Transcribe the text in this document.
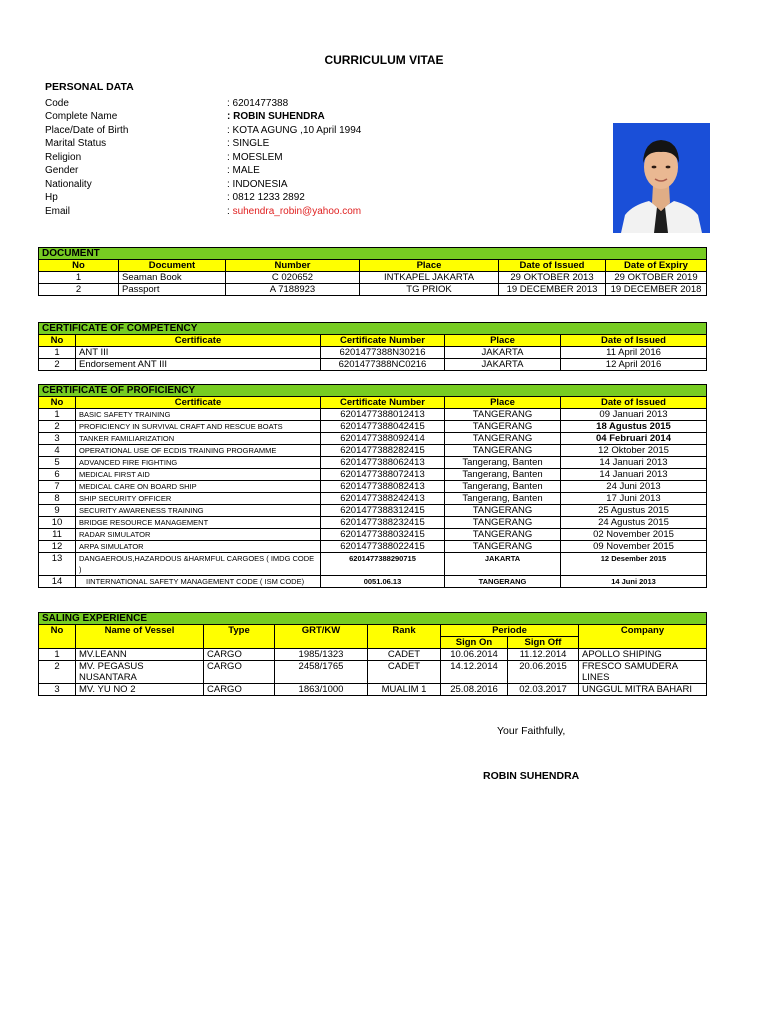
CURRICULUM VITAE
PERSONAL DATA
Code	: 6201477388
Complete Name	: ROBIN SUHENDRA
Place/Date of Birth	: KOTA AGUNG ,10 April 1994
Marital Status	: SINGLE
Religion	: MOESLEM
Gender	: MALE
Nationality	: INDONESIA
Hp	: 0812 1233 2892
Email	: suhendra_robin@yahoo.com
DOCUMENT					
No	Document	Number	Place	Date of Issued	Date of Expiry
1	Seaman Book	C 020652	INTKAPEL JAKARTA	29 OKTOBER 2013	29 OKTOBER 2019
2	Passport	A 7188923	TG PRIOK	19 DECEMBER 2013	19 DECEMBER 2018
CERTIFICATE OF COMPETENCY				
No	Certificate	Certificate Number	Place	Date of Issued
1	ANT III	6201477388N30216	JAKARTA	11 April 2016
2	Endorsement ANT III	6201477388NC0216	JAKARTA	12 April 2016
CERTIFICATE OF PROFICIENCY				
No	Certificate	Certificate Number	Place	Date of Issued
1	BASIC SAFETY TRAINING	6201477388012413	TANGERANG	09 Januari 2013
2	PROFICIENCY IN SURVIVAL CRAFT AND RESCUE BOATS	6201477388042415	TANGERANG	18 Agustus 2015
3	TANKER FAMILIARIZATION	6201477388092414	TANGERANG	04 Februari 2014
4	OPERATIONAL USE OF ECDIS TRAINING PROGRAMME	6201477388282415	TANGERANG	12 Oktober 2015
5	ADVANCED FIRE FIGHTING	6201477388062413	Tangerang, Banten	14 Januari 2013
6	MEDICAL FIRST AID	6201477388072413	Tangerang, Banten	14 Januari 2013
7	MEDICAL CARE ON BOARD SHIP	6201477388082413	Tangerang, Banten	24 Juni 2013
8	SHIP SECURITY OFFICER	6201477388242413	Tangerang, Banten	17 Juni 2013
9	SECURITY AWARENESS TRAINING	6201477388312415	TANGERANG	25 Agustus 2015
10	BRIDGE RESOURCE MANAGEMENT	6201477388232415	TANGERANG	24 Agustus 2015
11	RADAR SIMULATOR	6201477388032415	TANGERANG	02 November 2015
12	ARPA SIMULATOR	6201477388022415	TANGERANG	09 November 2015
13	DANGAEROUS,HAZARDOUS &HARMFUL CARGOES ( IMDG CODE )	6201477388290715	JAKARTA	12 Desember 2015
14	IINTERNATIONAL SAFETY MANAGEMENT CODE ( ISM CODE)	0051.06.13	TANGERANG	14 Juni 2013
SALING EXPERIENCE							
No	Name of Vessel	Type	GRT/KW	Rank	Periode		Company
					Sign On	Sign Off	
1	MV.LEANN	CARGO	1985/1323	CADET	10.06.2014	11.12.2014	APOLLO SHIPING
2	MV. PEGASUS NUSANTARA	CARGO	2458/1765	CADET	14.12.2014	20.06.2015	FRESCO SAMUDERA LINES
3	MV. YU NO 2	CARGO	1863/1000	MUALIM 1	25.08.2016	02.03.2017	UNGGUL MITRA BAHARI
Your Faithfully,
ROBIN SUHENDRA
